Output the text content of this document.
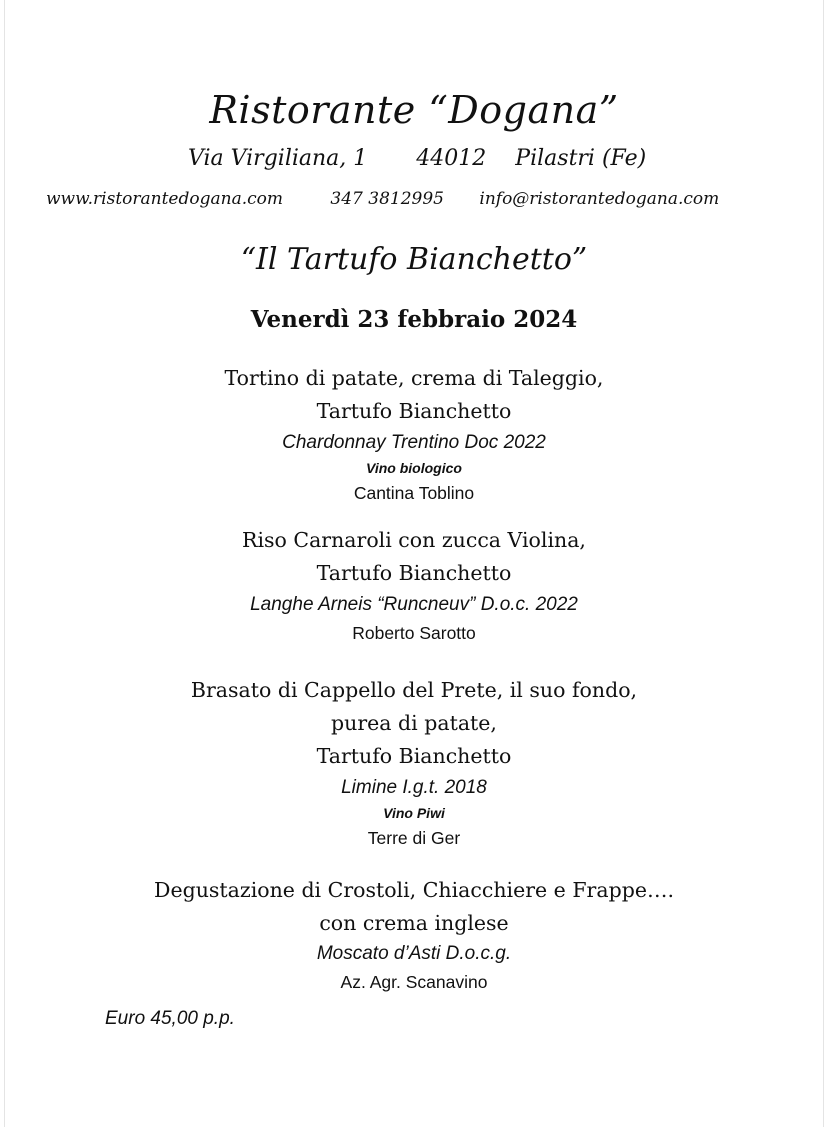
Ristorante “Dogana”
Via Virgiliana, 1 44012 Pilastri (Fe)
www.ristorantedogana.com	347 3812995 info@ristorantedogana.com
“Il Tartufo Bianchetto”
Venerdì 23 febbraio 2024
Tortino di patate, crema di Taleggio,
Tartufo Bianchetto
Chardonnay Trentino Doc 2022
Vino biologico
Cantina Toblino
Riso Carnaroli con zucca Violina,
Tartufo Bianchetto
Langhe Arneis “Runcneuv” D.o.c. 2022
Roberto Sarotto
Brasato di Cappello del Prete, il suo fondo,
purea di patate,
Tartufo Bianchetto
Limine I.g.t. 2018
Vino Piwi
Terre di Ger
Degustazione di Crostoli, Chiacchiere e Frappe….
con crema inglese
Moscato d’Asti D.o.c.g.
Az. Agr. Scanavino
Euro 45,00 p.p.
